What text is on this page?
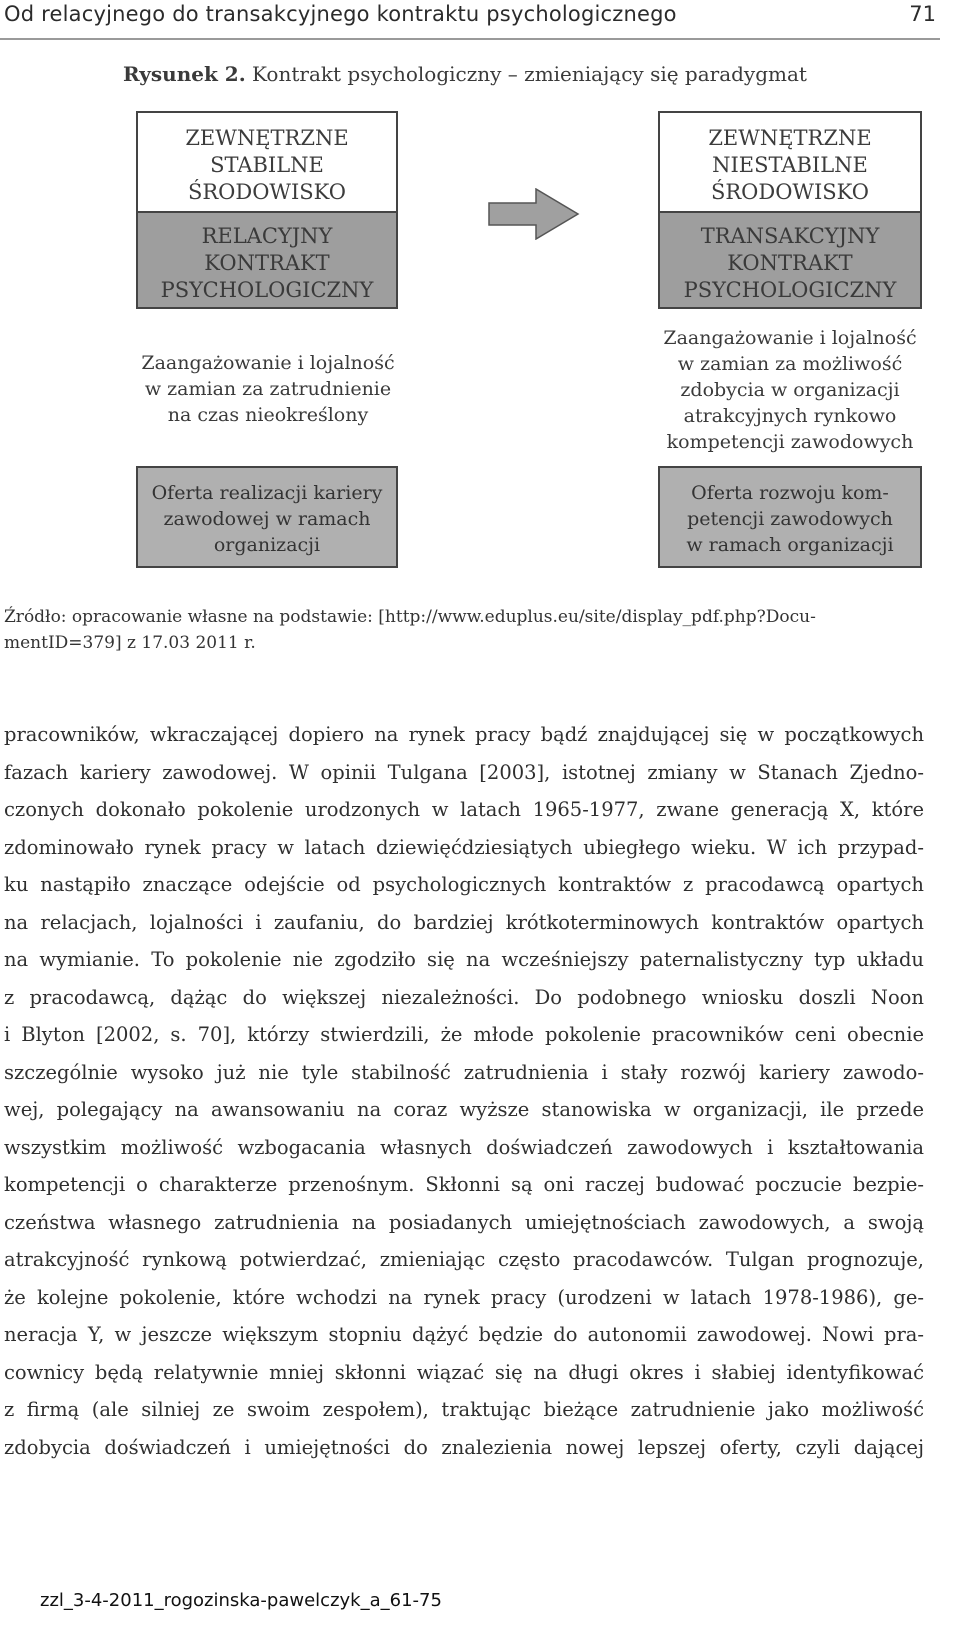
Od relacyjnego do transakcyjnego kontraktu psychologicznego	71
Rysunek 2. Kontrakt psychologiczny – zmieniający się paradygmat
ZEWNĘTRZNE
STABILNE
ŚRODOWISKO
RELACYJNY
KONTRAKT
PSYCHOLOGICZNY
Zaangażowanie i lojalność
w zamian za zatrudnienie
na czas nieokreślony
Oferta realizacji kariery
zawodowej w ramach
organizacji
ZEWNĘTRZNE
NIESTABILNE
ŚRODOWISKO
TRANSAKCYJNY
KONTRAKT
PSYCHOLOGICZNY
Zaangażowanie i lojalność
w zamian za możliwość
zdobycia w organizacji
atrakcyjnych rynkowo
kompetencji zawodowych
Oferta rozwoju kom-
petencji zawodowych
w ramach organizacji
Źródło: opracowanie własne na podstawie: [http://www.eduplus.eu/site/display_pdf.php?Docu-
mentID=379] z 17.03 2011 r.
pracowników, wkraczającej dopiero na rynek pracy bądź znajdującej się w początkowych
fazach kariery zawodowej. W opinii Tulgana [2003], istotnej zmiany w Stanach Zjedno-
czonych dokonało pokolenie urodzonych w latach 1965-1977, zwane generacją X, które
zdominowało rynek pracy w latach dziewięćdziesiątych ubiegłego wieku. W ich przypad-
ku nastąpiło znaczące odejście od psychologicznych kontraktów z pracodawcą opartych
na relacjach, lojalności i zaufaniu, do bardziej krótkoterminowych kontraktów opartych
na wymianie. To pokolenie nie zgodziło się na wcześniejszy paternalistyczny typ układu
z pracodawcą, dążąc do większej niezależności. Do podobnego wniosku doszli Noon
i Blyton [2002, s. 70], którzy stwierdzili, że młode pokolenie pracowników ceni obecnie
szczególnie wysoko już nie tyle stabilność zatrudnienia i stały rozwój kariery zawodo-
wej, polegający na awansowaniu na coraz wyższe stanowiska w organizacji, ile przede
wszystkim możliwość wzbogacania własnych doświadczeń zawodowych i kształtowania
kompetencji o charakterze przenośnym. Skłonni są oni raczej budować poczucie bezpie-
czeństwa własnego zatrudnienia na posiadanych umiejętnościach zawodowych, a swoją
atrakcyjność rynkową potwierdzać, zmieniając często pracodawców. Tulgan prognozuje,
że kolejne pokolenie, które wchodzi na rynek pracy (urodzeni w latach 1978-1986), ge-
neracja Y, w jeszcze większym stopniu dążyć będzie do autonomii zawodowej. Nowi pra-
cownicy będą relatywnie mniej skłonni wiązać się na długi okres i słabiej identyfikować
z firmą (ale silniej ze swoim zespołem), traktując bieżące zatrudnienie jako możliwość
zdobycia doświadczeń i umiejętności do znalezienia nowej lepszej oferty, czyli dającej
zzl_3-4-2011_rogozinska-pawelczyk_a_61-75
